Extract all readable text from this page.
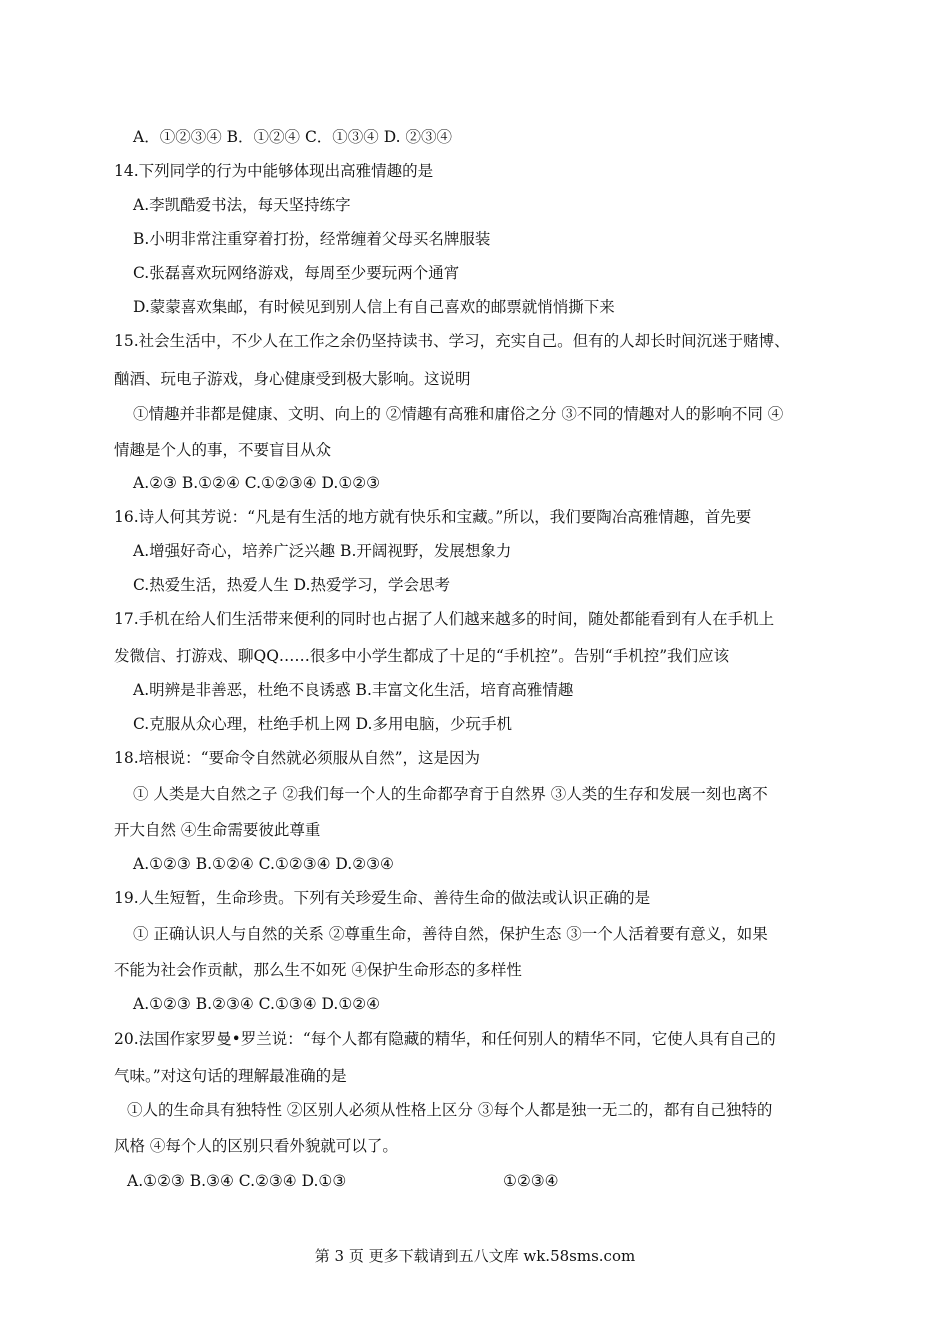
A．①②③④ B．①②④ C．①③④ D. ②③④
14.下列同学的行为中能够体现出高雅情趣的是
A.李凯酷爱书法，每天坚持练字
B.小明非常注重穿着打扮，经常缠着父母买名牌服装
C.张磊喜欢玩网络游戏，每周至少要玩两个通宵
D.蒙蒙喜欢集邮，有时候见到别人信上有自己喜欢的邮票就悄悄撕下来
15.社会生活中，不少人在工作之余仍坚持读书、学习，充实自己。但有的人却长时间沉迷于赌博、
酗酒、玩电子游戏，身心健康受到极大影响。这说明
①情趣并非都是健康、文明、向上的 ②情趣有高雅和庸俗之分 ③不同的情趣对人的影响不同 ④
情趣是个人的事，不要盲目从众
A.②③ B.①②④ C.①②③④ D.①②③
16.诗人何其芳说：“凡是有生活的地方就有快乐和宝藏。”所以，我们要陶冶高雅情趣，首先要
A.增强好奇心，培养广泛兴趣 B.开阔视野，发展想象力
C.热爱生活，热爱人生 D.热爱学习，学会思考
17.手机在给人们生活带来便利的同时也占据了人们越来越多的时间，随处都能看到有人在手机上
发微信、打游戏、聊QQ……很多中小学生都成了十足的“手机控”。告别“手机控”我们应该
A.明辨是非善恶，杜绝不良诱惑 B.丰富文化生活，培育高雅情趣
C.克服从众心理，杜绝手机上网 D.多用电脑，少玩手机
18.培根说：“要命令自然就必须服从自然”，这是因为
① 人类是大自然之子 ②我们每一个人的生命都孕育于自然界 ③人类的生存和发展一刻也离不
开大自然 ④生命需要彼此尊重
A.①②③ B.①②④ C.①②③④ D.②③④
19.人生短暂，生命珍贵。下列有关珍爱生命、善待生命的做法或认识正确的是
① 正确认识人与自然的关系 ②尊重生命，善待自然，保护生态 ③一个人活着要有意义，如果
不能为社会作贡献，那么生不如死 ④保护生命形态的多样性
A.①②③ B.②③④ C.①③④ D.①②④
20.法国作家罗曼•罗兰说：“每个人都有隐藏的精华，和任何别人的精华不同，它使人具有自己的
气味。”对这句话的理解最准确的是
①人的生命具有独特性 ②区别人必须从性格上区分 ③每个人都是独一无二的，都有自己独特的
风格 ④每个人的区别只看外貌就可以了。
A.①②③ B.③④ C.②③④ D.①③	①②③④
第 3 页 更多下载请到五八文库 wk.58sms.com
